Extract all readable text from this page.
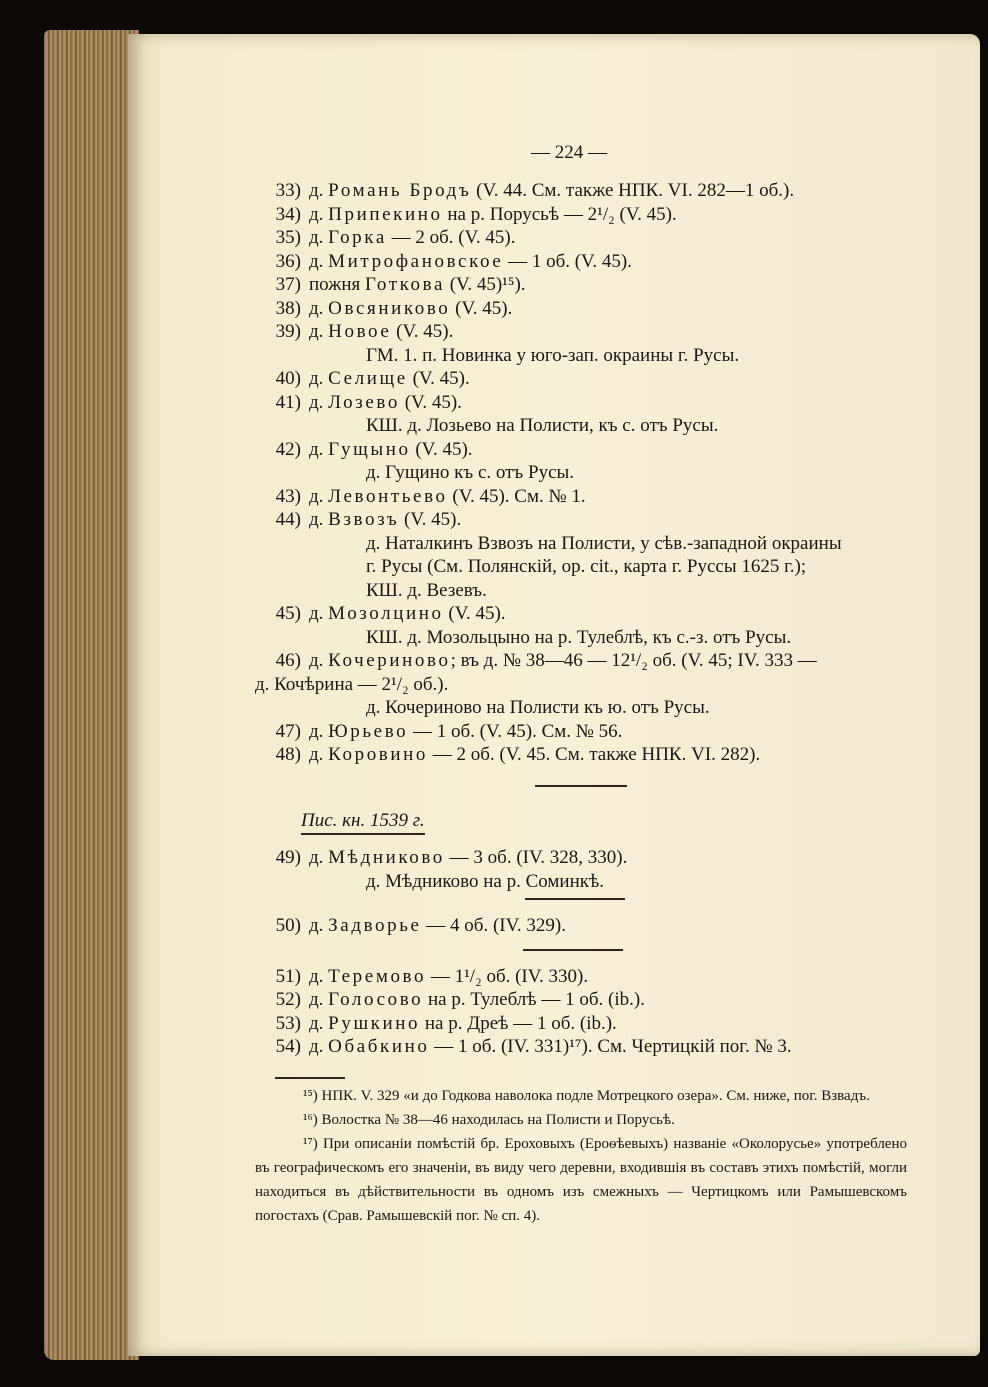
— 224 —
33) д. Романь Бродъ (V. 44. См. также НПК. VI. 282—1 об.).
34) д. Припекино на р. Порусьѣ — 2¹/₂ (V. 45).
35) д. Горка — 2 об. (V. 45).
36) д. Митрофановское — 1 об. (V. 45).
37) пожня Готкова (V. 45)¹⁵).
38) д. Овсяниково (V. 45).
39) д. Новое (V. 45).
ГМ. 1. п. Новинка у юго-зап. окраины г. Русы.
40) д. Селище (V. 45).
41) д. Лозево (V. 45).
КШ. д. Лозьево на Полисти, къ с. отъ Русы.
42) д. Гущыно (V. 45).
д. Гущино къ с. отъ Русы.
43) д. Левонтьево (V. 45). См. № 1.
44) д. Взвозъ (V. 45).
д. Наталкинъ Взвозъ на Полисти, у сѣв.-западной окраины
г. Русы (См. Полянскій, op. cit., карта г. Руссы 1625 г.);
КШ. д. Везевъ.
45) д. Мозолцино (V. 45).
КШ. д. Мозольцыно на р. Тулеблѣ, къ с.-з. отъ Русы.
46) д. Кочериново; въ д. № 38—46 — 12¹/₂ об. (V. 45; IV. 333 —
д. Кочѣрина — 2¹/₂ об.).
д. Кочериново на Полисти къ ю. отъ Русы.
47) д. Юрьево — 1 об. (V. 45). См. № 56.
48) д. Коровино — 2 об. (V. 45. См. также НПК. VI. 282).
Пис. кн. 1539 г.
49) д. Мѣдниково — 3 об. (IV. 328, 330).
д. Мѣдниково на р. Соминкѣ.
50) д. Задворье — 4 об. (IV. 329).
51) д. Теремово — 1¹/₂ об. (IV. 330).
52) д. Голосово на р. Тулеблѣ — 1 об. (ib.).
53) д. Рушкино на р. Дреѣ — 1 об. (ib.).
54) д. Обабкино — 1 об. (IV. 331)¹⁷). См. Чертицкій пог. № 3.
¹⁵) НПК. V. 329 «и до Годкова наволока подле Мотрецкого озера». См. ниже, пог. Взвадъ.
¹⁶) Волостка № 38—46 находилась на Полисти и Порусьѣ.
¹⁷) При описаніи помѣстій бр. Ероховыхъ (Ероѳѣевыхъ) названіе «Околорусье» употреблено въ географическомъ его значеніи, въ виду чего деревни, входившія въ составъ этихъ помѣстій, могли находиться въ дѣйствительности въ одномъ изъ смежныхъ — Чертицкомъ или Рамышевскомъ погостахъ (Срав. Рамышевскій пог. № сп. 4).
